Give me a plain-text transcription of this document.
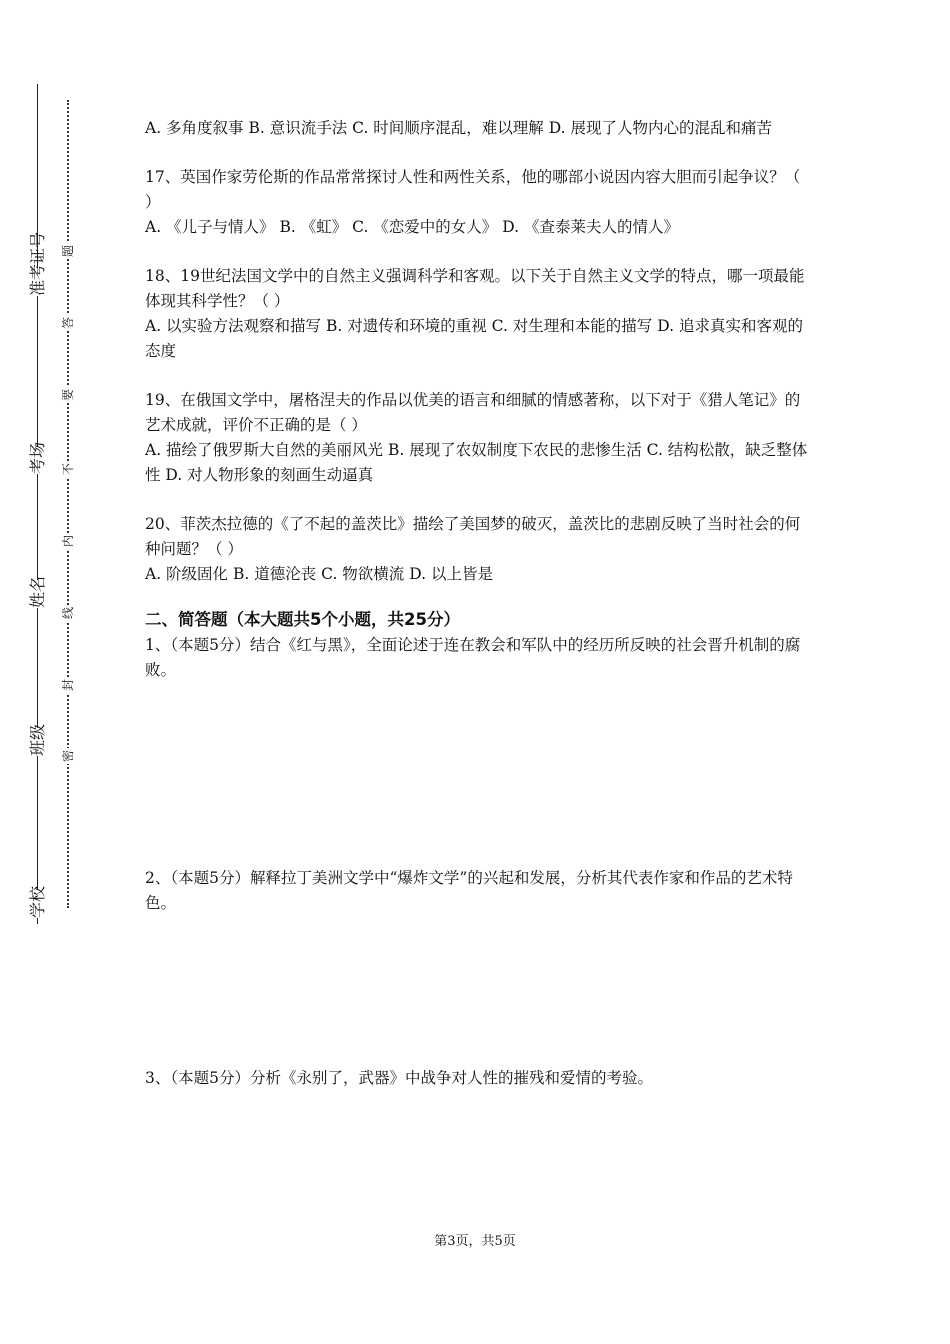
准考证号
考场
姓名
班级
学校
题
答
要
不
内
线
封
密

A. 多角度叙事 B. 意识流手法 C. 时间顺序混乱，难以理解 D. 展现了人物内心的混乱和痛苦

17、英国作家劳伦斯的作品常常探讨人性和两性关系，他的哪部小说因内容大胆而引起争议？（ ）

A. 《儿子与情人》 B. 《虹》 C. 《恋爱中的女人》 D. 《查泰莱夫人的情人》

18、19世纪法国文学中的自然主义强调科学和客观。以下关于自然主义文学的特点，哪一项最能体现其科学性？（ ）

A. 以实验方法观察和描写 B. 对遗传和环境的重视 C. 对生理和本能的描写 D. 追求真实和客观的态度

19、在俄国文学中，屠格涅夫的作品以优美的语言和细腻的情感著称，以下对于《猎人笔记》的艺术成就，评价不正确的是（ ）

A. 描绘了俄罗斯大自然的美丽风光 B. 展现了农奴制度下农民的悲惨生活 C. 结构松散，缺乏整体性 D. 对人物形象的刻画生动逼真

20、菲茨杰拉德的《了不起的盖茨比》描绘了美国梦的破灭，盖茨比的悲剧反映了当时社会的何种问题？（ ）

A. 阶级固化 B. 道德沦丧 C. 物欲横流 D. 以上皆是

二、简答题（本大题共5个小题，共25分）

1、（本题5分）结合《红与黑》，全面论述于连在教会和军队中的经历所反映的社会晋升机制的腐败。

2、（本题5分）解释拉丁美洲文学中“爆炸文学”的兴起和发展，分析其代表作家和作品的艺术特色。
3、（本题5分）分析《永别了，武器》中战争对人性的摧残和爱情的考验。
第3页，共5页
